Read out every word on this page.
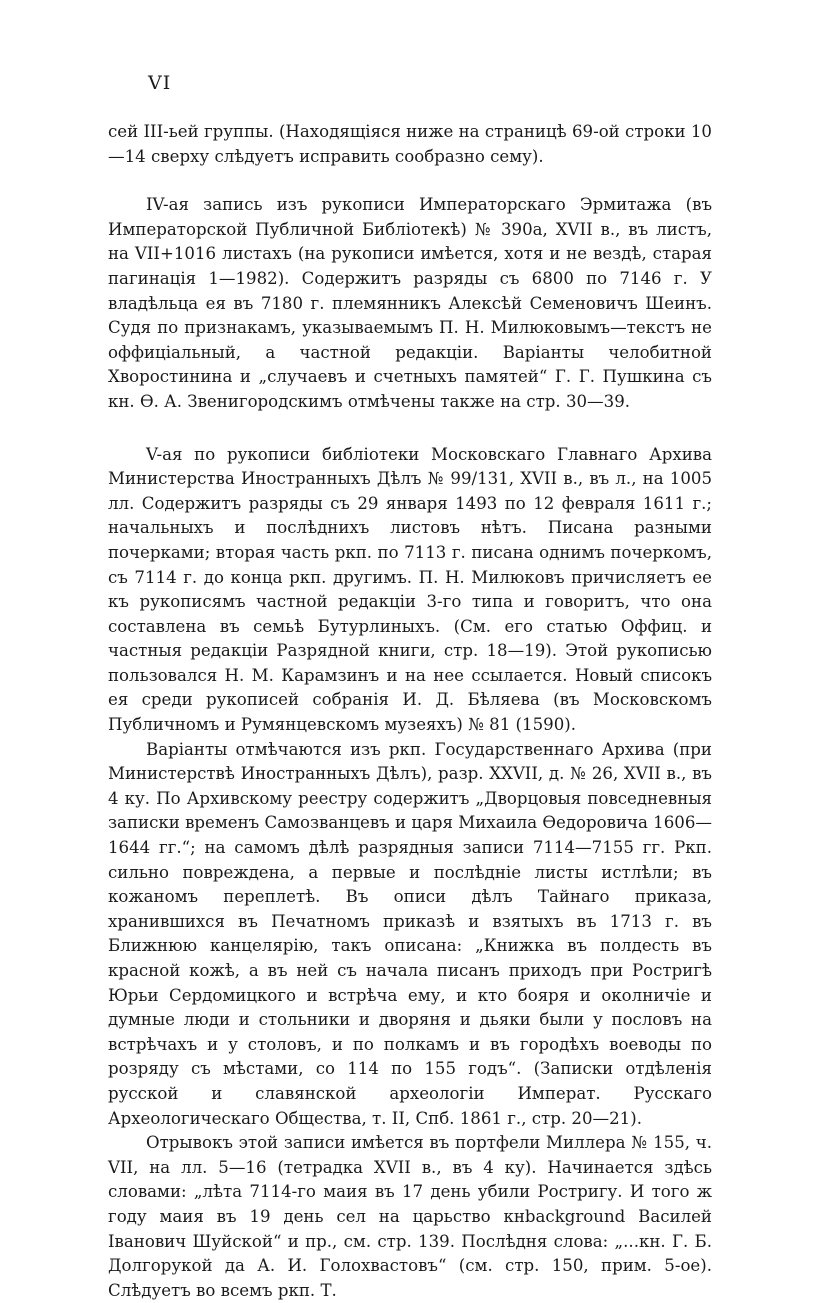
VI

сей III-ьей группы. (Находящіяся ниже на страницѣ 69-ой строки 10—14 сверху слѣдуетъ исправить сообразно сему).

IV-ая запись изъ рукописи Императорскаго Эрмитажа (въ Императорской Публичной Библіотекѣ) № 390а, XVII в., въ листъ, на VII+1016 листахъ (на рукописи имѣется, хотя и не вездѣ, старая пагинація 1—1982). Содержитъ разряды съ 6800 по 7146 г. У владѣльца ея въ 7180 г. племянникъ Алексѣй Семеновичъ Шеинъ. Судя по признакамъ, указываемымъ П. Н. Милюковымъ—текстъ не оффиціальный, а частной редакціи. Варіанты челобитной Хворостинина и „случаевъ и счетныхъ памятей“ Г. Г. Пушкина съ кн. Ѳ. А. Звенигородскимъ отмѣчены также на стр. 30—39.

V-ая по рукописи библіотеки Московскаго Главнаго Архива Министерства Иностранныхъ Дѣлъ № 99/131, XVII в., въ л., на 1005 лл. Содержитъ разряды съ 29 января 1493 по 12 февраля 1611 г.; начальныхъ и послѣднихъ листовъ нѣтъ. Писана разными почерками; вторая часть ркп. по 7113 г. писана однимъ почеркомъ, съ 7114 г. до конца ркп. другимъ. П. Н. Милюковъ причисляетъ ее къ рукописямъ частной редакціи 3-го типа и говоритъ, что она составлена въ семьѣ Бутурлиныхъ. (См. его статью Оффиц. и частныя редакціи Разрядной книги, стр. 18—19). Этой рукописью пользовался Н. М. Карамзинъ и на нее ссылается. Новый списокъ ея среди рукописей собранія И. Д. Бѣляева (въ Московскомъ Публичномъ и Румянцевскомъ музеяхъ) № 81 (1590).

Варіанты отмѣчаются изъ ркп. Государственнаго Архива (при Министерствѣ Иностранныхъ Дѣлъ), разр. XXVII, д. № 26, XVII в., въ 4 ку. По Архивскому реестру содержитъ „Дворцовыя повседневныя записки временъ Самозванцевъ и царя Михаила Ѳедоровича 1606—1644 гг.“; на самомъ дѣлѣ разрядныя записи 7114—7155 гг. Ркп. сильно повреждена, а первые и послѣдніе листы истлѣли; въ кожаномъ переплетѣ. Въ описи дѣлъ Тайнаго приказа, хранившихся въ Печатномъ приказѣ и взятыхъ въ 1713 г. въ Ближнюю канцелярію, такъ описана: „Книжка въ полдесть въ красной кожѣ, а въ ней съ начала писанъ приходъ при Ростригѣ Юрьи Сердомицкого и встрѣча ему, и кто бояря и околничіе и думные люди и стольники и дворяня и дьяки были у пословъ на встрѣчахъ и у столовъ, и по полкамъ и въ городѣхъ воеводы по розряду съ мѣстами, со 114 по 155 годъ“. (Записки отдѣленія русской и славянской археологіи Императ. Русскаго Археологическаго Общества, т. II, Спб. 1861 г., стр. 20—21).

Отрывокъ этой записи имѣется въ портфели Миллера № 155, ч. VII, на лл. 5—16 (тетрадка XVII в., въ 4 ку). Начинается здѣсь словами: „лѣта 7114-го маия въ 17 день убили Ростригу. И того ж году маия въ 19 день сел на царьство кнbackground Василей Іванович Шуйской“ и пр., см. стр. 139. Послѣдня слова: „...кн. Г. Б. Долгорукой да А. И. Голохвастовъ“ (см. стр. 150, прим. 5-ое). Слѣдуетъ во всемъ ркп. Т.
